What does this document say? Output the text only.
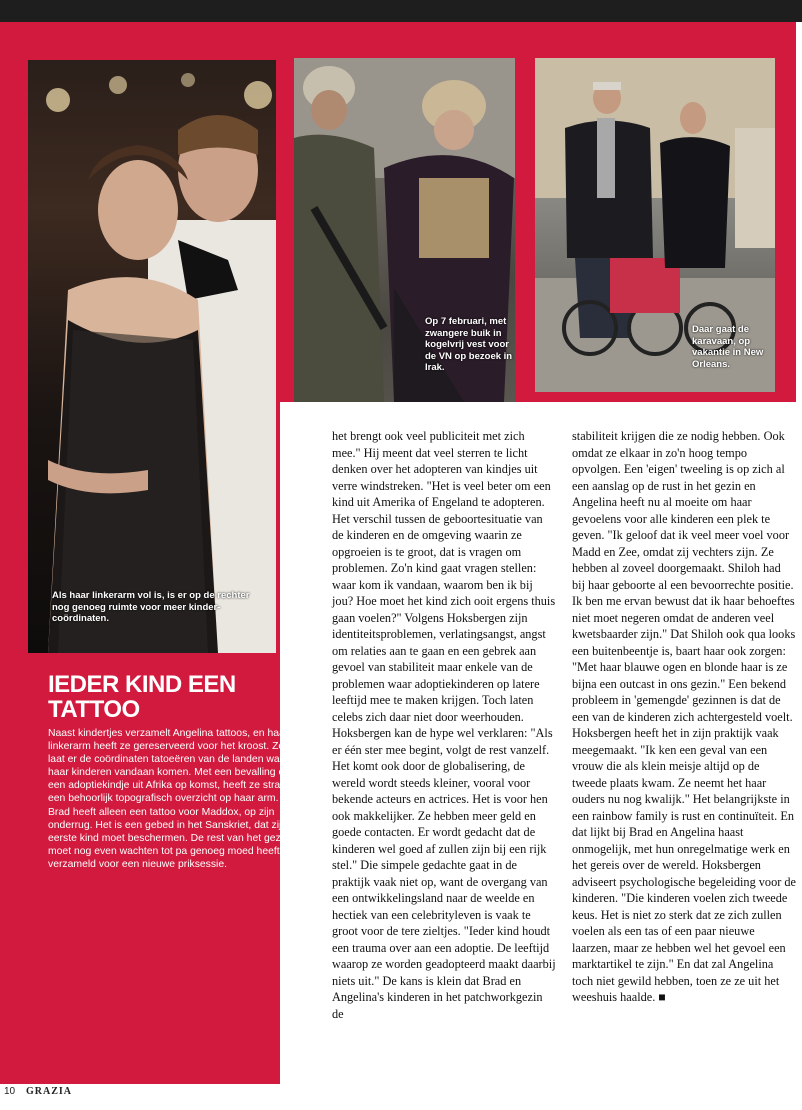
Als haar linkerarm vol is, is er op de rechter nog genoeg ruimte voor meer kinder-coördinaten.
Op 7 februari, met zwangere buik in kogelvrij vest voor de VN op bezoek in Irak.
Daar gaat de karavaan, op vakantie in New Orleans.
IEDER KIND EEN TATTOO
Naast kindertjes verzamelt Angelina tattoos, en haar linkerarm heeft ze gereserveerd voor het kroost. Ze laat er de coördinaten tatoeëren van de landen waar haar kinderen vandaan komen. Met een bevalling en een adoptiekindje uit Afrika op komst, heeft ze straks een behoorlijk topografisch overzicht op haar arm. Brad heeft alleen een tattoo voor Maddox, op zijn onderrug. Het is een gebed in het Sanskriet, dat zijn eerste kind moet beschermen. De rest van het gezin moet nog even wachten tot pa genoeg moed heeft verzameld voor een nieuwe priksessie.

het brengt ook veel publiciteit met zich mee." Hij meent dat veel sterren te licht denken over het adopteren van kindjes uit verre windstreken. "Het is veel beter om een kind uit Amerika of Engeland te adopteren. Het verschil tussen de geboortesituatie van de kinderen en de omgeving waarin ze opgroeien is te groot, dat is vragen om problemen. Zo'n kind gaat vragen stellen: waar kom ik vandaan, waarom ben ik bij jou? Hoe moet het kind zich ooit ergens thuis gaan voelen?" Volgens Hoksbergen zijn identiteitsproblemen, verlatingsangst, angst om relaties aan te gaan en een gebrek aan gevoel van stabiliteit maar enkele van de problemen waar adoptiekinderen op latere leeftijd mee te maken krijgen. Toch laten celebs zich daar niet door weerhouden. Hoksbergen kan de hype wel verklaren: "Als er één ster mee begint, volgt de rest vanzelf. Het komt ook door de globalisering, de wereld wordt steeds kleiner, vooral voor bekende acteurs en actrices. Het is voor hen ook makkelijker. Ze hebben meer geld en goede contacten. Er wordt gedacht dat de kinderen wel goed af zullen zijn bij een rijk stel." Die simpele gedachte gaat in de praktijk vaak niet op, want de overgang van een ontwikkelingsland naar de weelde en hectiek van een celebrityleven is vaak te groot voor de tere zieltjes. "Ieder kind houdt een trauma over aan een adoptie. De leeftijd waarop ze worden geadopteerd maakt daarbij niets uit." De kans is klein dat Brad en Angelina's kinderen in het patchworkgezin de

stabiliteit krijgen die ze nodig hebben. Ook omdat ze elkaar in zo'n hoog tempo opvolgen. Een 'eigen' tweeling is op zich al een aanslag op de rust in het gezin en Angelina heeft nu al moeite om haar gevoelens voor alle kinderen een plek te geven. "Ik geloof dat ik veel meer voel voor Madd en Zee, omdat zij vechters zijn. Ze hebben al zoveel doorgemaakt. Shiloh had bij haar geboorte al een bevoorrechte positie. Ik ben me ervan bewust dat ik haar behoeftes niet moet negeren omdat de anderen veel kwetsbaarder zijn." Dat Shiloh ook qua looks een buitenbeentje is, baart haar ook zorgen: "Met haar blauwe ogen en blonde haar is ze bijna een outcast in ons gezin." Een bekend probleem in 'gemengde' gezinnen is dat de een van de kinderen zich achtergesteld voelt. Hoksbergen heeft het in zijn praktijk vaak meegemaakt. "Ik ken een geval van een vrouw die als klein meisje altijd op de tweede plaats kwam. Ze neemt het haar ouders nu nog kwalijk." Het belangrijkste in een rainbow family is rust en continuïteit. En dat lijkt bij Brad en Angelina haast onmogelijk, met hun onregelmatige werk en het gereis over de wereld. Hoksbergen adviseert psychologische begeleiding voor de kinderen. "Die kinderen voelen zich tweede keus. Het is niet zo sterk dat ze zich zullen voelen als een tas of een paar nieuwe laarzen, maar ze hebben wel het gevoel een marktartikel te zijn." En dat zal Angelina toch niet gewild hebben, toen ze ze uit het weeshuis haalde. ■

10 GRAZIA
